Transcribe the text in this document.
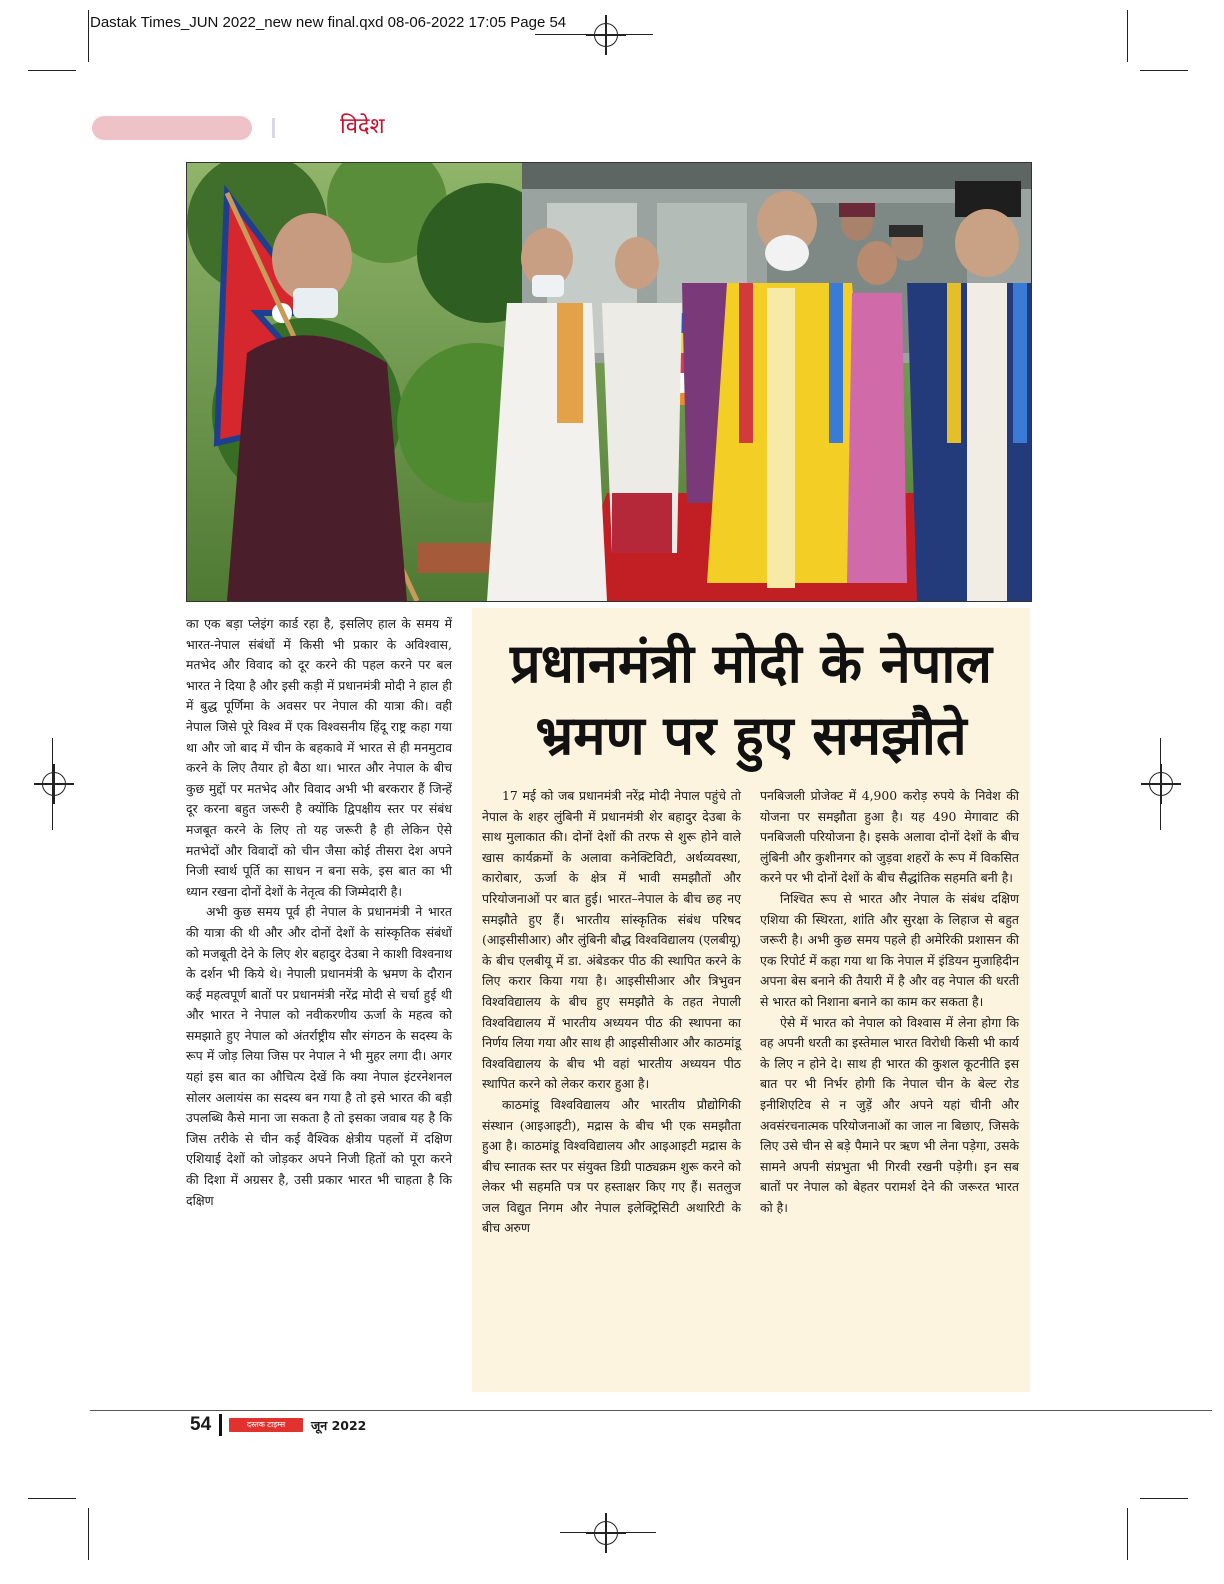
Dastak Times_JUN 2022_new new final.qxd 08-06-2022 17:05 Page 54
विदेश
प्रधानमंत्री मोदी के नेपाल
भ्रमण पर हुए समझौते

का एक बड़ा प्लेइंग कार्ड रहा है, इसलिए हाल के समय में भारत-नेपाल संबंधों में किसी भी प्रकार के अविश्वास, मतभेद और विवाद को दूर करने की पहल करने पर बल भारत ने दिया है और इसी कड़ी में प्रधानमंत्री मोदी ने हाल ही में बुद्ध पूर्णिमा के अवसर पर नेपाल की यात्रा की। वही नेपाल जिसे पूरे विश्व में एक विश्वसनीय हिंदू राष्ट्र कहा गया था और जो बाद में चीन के बहकावे में भारत से ही मनमुटाव करने के लिए तैयार हो बैठा था। भारत और नेपाल के बीच कुछ मुद्दों पर मतभेद और विवाद अभी भी बरकरार हैं जिन्हें दूर करना बहुत जरूरी है क्योंकि द्विपक्षीय स्तर पर संबंध मजबूत करने के लिए तो यह जरूरी है ही लेकिन ऐसे मतभेदों और विवादों को चीन जैसा कोई तीसरा देश अपने निजी स्वार्थ पूर्ति का साधन न बना सके, इस बात का भी ध्यान रखना दोनों देशों के नेतृत्व की जिम्मेदारी है।

अभी कुछ समय पूर्व ही नेपाल के प्रधानमंत्री ने भारत की यात्रा की थी और और दोनों देशों के सांस्कृतिक संबंधों को मजबूती देने के लिए शेर बहादुर देउबा ने काशी विश्वनाथ के दर्शन भी किये थे। नेपाली प्रधानमंत्री के भ्रमण के दौरान कई महत्वपूर्ण बातों पर प्रधानमंत्री नरेंद्र मोदी से चर्चा हुई थी और भारत ने नेपाल को नवीकरणीय ऊर्जा के महत्व को समझाते हुए नेपाल को अंतर्राष्ट्रीय सौर संगठन के सदस्य के रूप में जोड़ लिया जिस पर नेपाल ने भी मुहर लगा दी। अगर यहां इस बात का औचित्य देखें कि क्या नेपाल इंटरनेशनल सोलर अलायंस का सदस्य बन गया है तो इसे भारत की बड़ी उपलब्धि कैसे माना जा सकता है तो इसका जवाब यह है कि जिस तरीके से चीन कई वैश्विक क्षेत्रीय पहलों में दक्षिण एशियाई देशों को जोड़कर अपने निजी हितों को पूरा करने की दिशा में अग्रसर है, उसी प्रकार भारत भी चाहता है कि दक्षिण

17 मई को जब प्रधानमंत्री नरेंद्र मोदी नेपाल पहुंचे तो नेपाल के शहर लुंबिनी में प्रधानमंत्री शेर बहादुर देउबा के साथ मुलाकात की। दोनों देशों की तरफ से शुरू होने वाले खास कार्यक्रमों के अलावा कनेक्टिविटी, अर्थव्यवस्था, कारोबार, ऊर्जा के क्षेत्र में भावी समझौतों और परियोजनाओं पर बात हुई। भारत–नेपाल के बीच छह नए समझौते हुए हैं। भारतीय सांस्कृतिक संबंध परिषद (आइसीसीआर) और लुंबिनी बौद्ध विश्वविद्यालय (एलबीयू) के बीच एलबीयू में डा. अंबेडकर पीठ की स्थापित करने के लिए करार किया गया है। आइसीसीआर और त्रिभुवन विश्वविद्यालय के बीच हुए समझौते के तहत नेपाली विश्वविद्यालय में भारतीय अध्ययन पीठ की स्थापना का निर्णय लिया गया और साथ ही आइसीसीआर और काठमांडू विश्वविद्यालय के बीच भी वहां भारतीय अध्ययन पीठ स्थापित करने को लेकर करार हुआ है।

काठमांडू विश्वविद्यालय और भारतीय प्रौद्योगिकी संस्थान (आइआइटी), मद्रास के बीच भी एक समझौता हुआ है। काठमांडू विश्वविद्यालय और आइआइटी मद्रास के बीच स्नातक स्तर पर संयुक्त डिग्री पाठ्यक्रम शुरू करने को लेकर भी सहमति पत्र पर हस्ताक्षर किए गए हैं। सतलुज जल विद्युत निगम और नेपाल इलेक्ट्रिसिटी अथारिटी के बीच अरुण

पनबिजली प्रोजेक्ट में 4,900 करोड़ रुपये के निवेश की योजना पर समझौता हुआ है। यह 490 मेगावाट की पनबिजली परियोजना है। इसके अलावा दोनों देशों के बीच लुंबिनी और कुशीनगर को जुड़वा शहरों के रूप में विकसित करने पर भी दोनों देशों के बीच सैद्धांतिक सहमति बनी है।

निश्चित रूप से भारत और नेपाल के संबंध दक्षिण एशिया की स्थिरता, शांति और सुरक्षा के लिहाज से बहुत जरूरी है। अभी कुछ समय पहले ही अमेरिकी प्रशासन की एक रिपोर्ट में कहा गया था कि नेपाल में इंडियन मुजाहिदीन अपना बेस बनाने की तैयारी में है और वह नेपाल की धरती से भारत को निशाना बनाने का काम कर सकता है।

ऐसे में भारत को नेपाल को विश्वास में लेना होगा कि वह अपनी धरती का इस्तेमाल भारत विरोधी किसी भी कार्य के लिए न होने दे। साथ ही भारत की कुशल कूटनीति इस बात पर भी निर्भर होगी कि नेपाल चीन के बेल्ट रोड इनीशिएटिव से न जुड़ें और अपने यहां चीनी और अवसंरचनात्मक परियोजनाओं का जाल ना बिछाए, जिसके लिए उसे चीन से बड़े पैमाने पर ऋण भी लेना पड़ेगा, उसके सामने अपनी संप्रभुता भी गिरवी रखनी पड़ेगी। इन सब बातों पर नेपाल को बेहतर परामर्श देने की जरूरत भारत को है।

54	दस्तक टाइम्स	जून 2022
